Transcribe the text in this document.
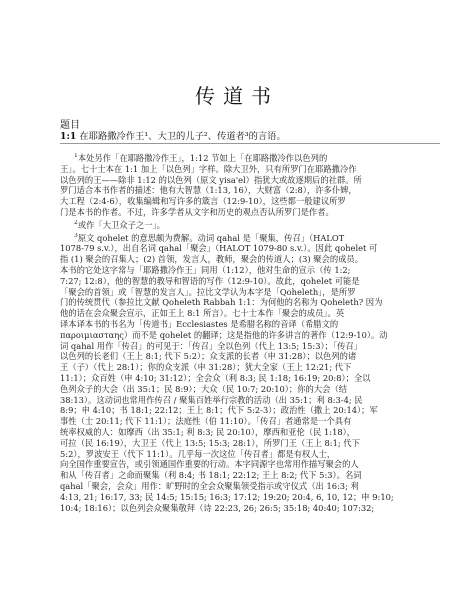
传道书
题目
1:1 在耶路撒冷作王¹、大卫的儿子²、传道者³的言语。

$^1$本处另作「在耶路撒冷作王」，1:12 节如上「在耶路撒冷作以色列的
王」。七十士本在 1:1 加上「以色列」字样。除大卫外，只有所罗门在耶路撒冷作
以色列的王——除非 1:12 的以色列（原文 yisa'el）指犹大或故逐期后的社群。所
罗门适合本书作者的描述：他有大智慧（1:13, 16），大财富（2:8），许多仆婢，
大工程（2:4-6），收集编辑和写许多的箴言（12:9-10），这些都一般建议所罗
门是本书的作者。不过，许多学者从文字和历史的观点否认所罗门是作者。

$^2$或作「大卫众子之一」。

$^3$原文 qohelet 的意思颇为费解。动词 qahal 是「聚集，传召」（HALOT
1078-79 s.v.），出自名词 qahal「聚会」（HALOT 1079-80 s.v.）。因此 qohelet 可
指 (1) 聚会的召集人；(2) 首领，发言人，教师，聚会的传道人；(3) 聚会的成员。
本书的它处这字常与「耶路撒冷作王」同用（1:12），他对生命的宣示（传 1:2;
7:27; 12:8），他的智慧的教导和智语的写作（12:9-10）。故此，qohelet 可能是
「聚会的首领」或「智慧的发言人」。拉比文学认为本字是「Qoheleth」，是所罗
门的传统贯代（参拉比文献 Qoheleth Rabbah 1:1：为何他的名称为 Qoheleth? 因为
他的话在会众聚会宣示，正如王上 8:1 所言）。七十士本作「聚会的成员」。英
译本译本书的书名为「传道书」Ecclesiastes 是希腊名称的音译（希腊文的
παροιμιασταης）而不是 qohelet 的翻译；这是指他的许多讲言的著作（12:9-10）。动
词 qahal 用作「传召」的可见于：「传召」全以色列（代上 13:5; 15:3）；「传召」
以色列的长老们（王上 8:1; 代下 5:2）；众支派的长者（申 31:28）；以色列的诸
王（子）（代上 28:1）；你的众支派（申 31:28）；犹大全家（王上 12:21; 代下
11:1）；众百姓（申 4:10; 31:12）；全会众（利 8:3; 民 1:18; 16:19; 20:8）；全以
色列众子的大会（出 35:1；民 8:9）；大众（民 10:7; 20:10）；你的大会（结
38:13）。这动词也常用作传召 / 聚集百姓举行宗教的活动（出 35:1；利 8:3-4; 民
8:9；申 4:10；书 18:1; 22:12；王上 8:1；代下 5:2-3）；政治性（撒上 20:14）；军
事性（士 20:11; 代下 11:1）；法庭性（伯 11:10）。「传召」者通常是一个具有
统率权威的人：如摩西（出 35:1; 利 8:3; 民 20:10），摩西和亚伦（民 1:18），
可拉（民 16:19），大卫王（代上 13:5; 15:3; 28:1），所罗门王（王上 8:1; 代下
5:2），罗波安王（代下 11:1）。几乎每一次这位「传召者」都是有权人士，
向全国作重要宣告，或引领通国作重要的行动。本字同源字也常用作描写聚会的人
和从「传召者」之命而聚集（利 8:4; 书 18:1; 22:12; 王上 8:2; 代下 5:3）。名词
qahal「聚会，会众」用作：旷野时的全会众聚集领受指示或守仪式（出 16:3; 利
4:13, 21; 16:17, 33; 民 14:5; 15:15; 16:3; 17:12; 19:20; 20:4, 6, 10, 12；申 9:10;
10:4; 18:16）；以色列会众聚集敬拜（诗 22:23, 26; 26:5; 35:18; 40:40; 107:32;
